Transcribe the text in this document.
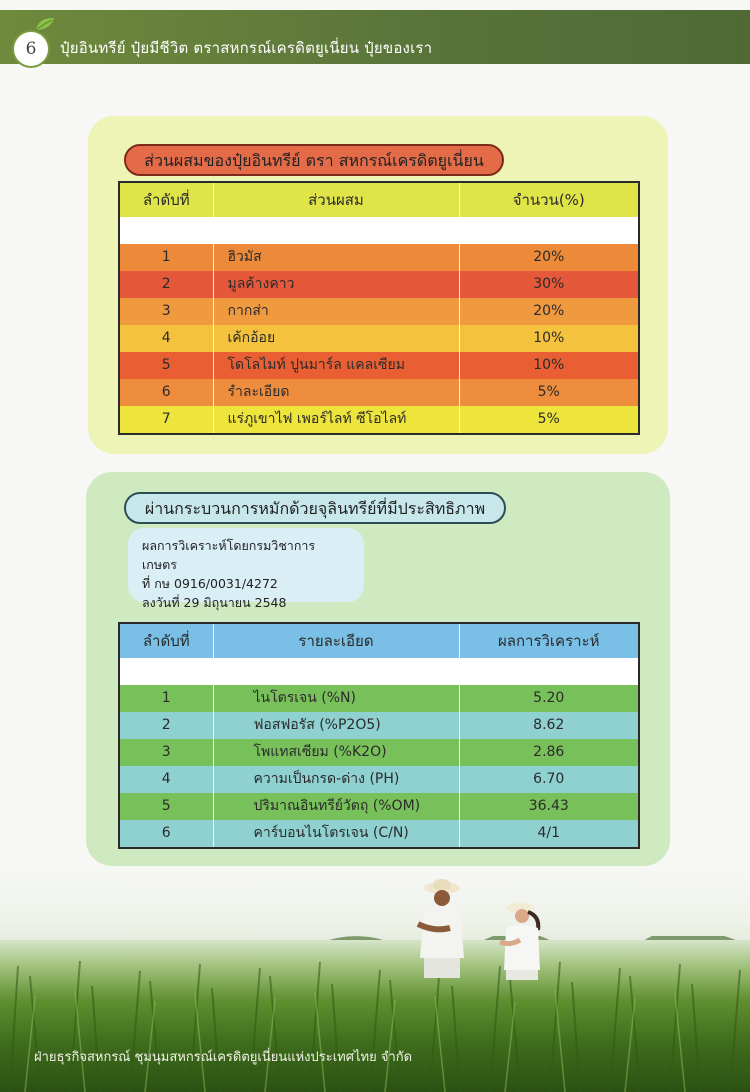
6	ปุ๋ยอินทรีย์ ปุ๋ยมีชีวิต ตราสหกรณ์เครดิตยูเนี่ยน ปุ๋ยของเรา
ส่วนผสมของปุ๋ยอินทรีย์ ตรา สหกรณ์เครดิตยูเนี่ยน
ลำดับที่	ส่วนผสม	จำนวน(%)

1	ฮิวมัส	20%
2	มูลค้างคาว	30%
3	กากส่า	20%
4	เค้กอ้อย	10%
5	โดโลไมท์ ปูนมาร์ล แคลเซียม	10%
6	รำละเอียด	5%
7	แร่ภูเขาไฟ เพอร์ไลท์ ซีโอไลท์	5%
ผ่านกระบวนการหมักด้วยจุลินทรีย์ที่มีประสิทธิภาพ
ผลการวิเคราะห์โดยกรมวิชาการเกษตร
ที่ กษ 0916/0031/4272
ลงวันที่ 29 มิถุนายน 2548
ลำดับที่	รายละเอียด	ผลการวิเคราะห์

1	ไนโตรเจน (%N)	5.20
2	ฟอสฟอรัส (%P2O5)	8.62
3	โพแทสเซียม (%K2O)	2.86
4	ความเป็นกรด-ด่าง (PH)	6.70
5	ปริมาณอินทรีย์วัตถุ (%OM)	36.43
6	คาร์บอนไนโตรเจน (C/N)	4/1
ฝ่ายธุรกิจสหกรณ์ ชุมนุมสหกรณ์เครดิตยูเนี่ยนแห่งประเทศไทย จำกัด
